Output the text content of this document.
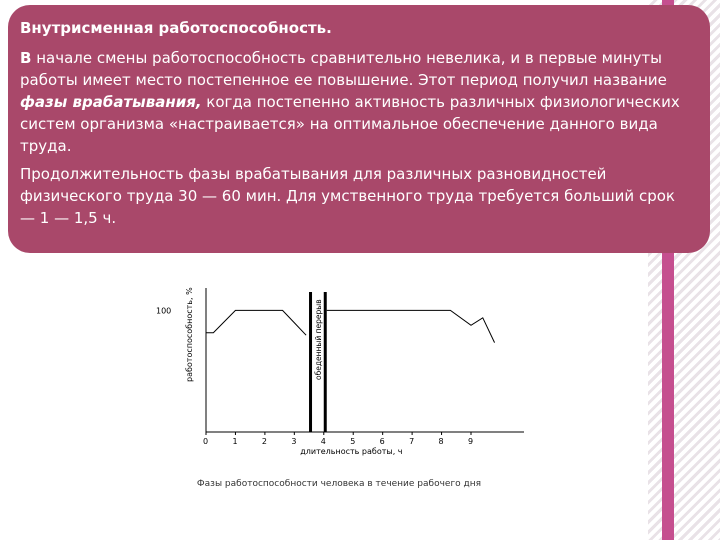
Внутрисменная работоспособность.

В начале смены работоспособность сравнительно невелика, и в первые минуты работы имеет место постепенное ее повышение. Этот период получил название фазы врабатывания, когда постепенно активность различных физиологических систем организма «настраивается» на оптимальное обеспечение данного вида труда.

Продолжительность фазы врабатывания для различных разновидностей физического труда 30 — 60 мин. Для умственного труда требуется больший срок — 1 — 1,5 ч.

100 работоспособность, %
длительность работы, ч
0	1	2	3	4	5	6	7	8	9
обеденный перерыв
Фазы работоспособности человека в течение рабочего дня
